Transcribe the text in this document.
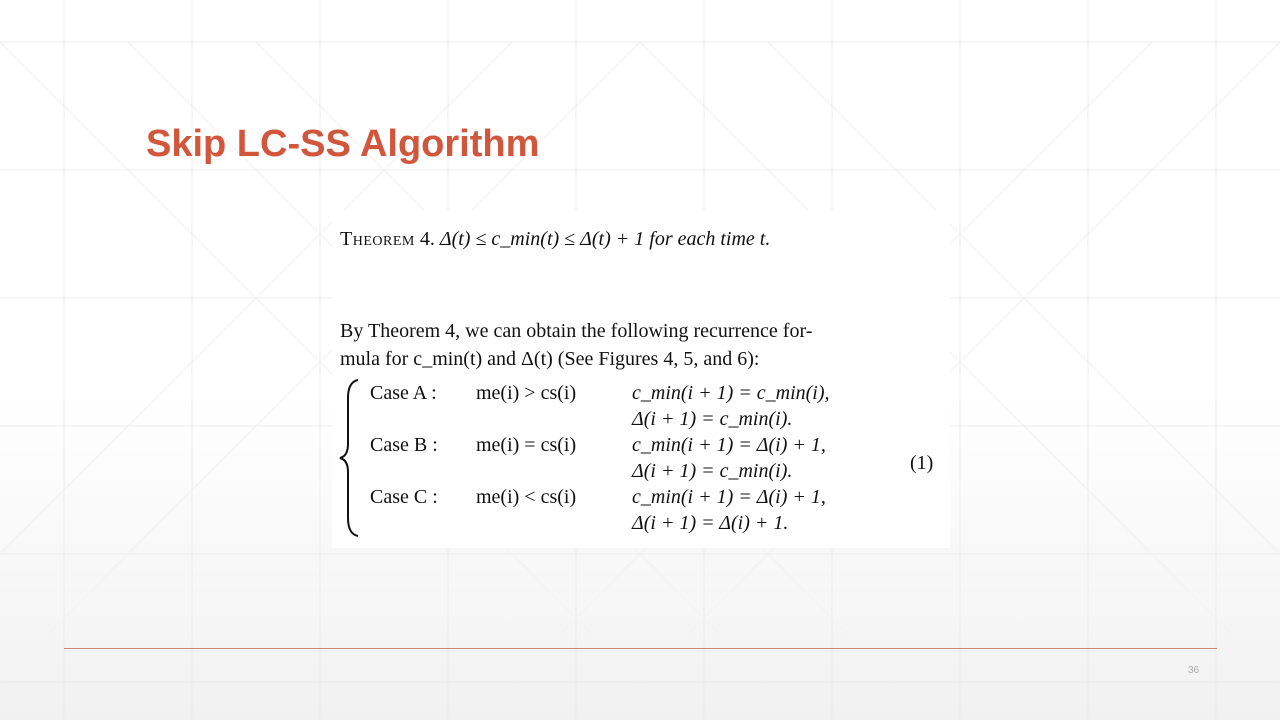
Skip LC-SS Algorithm
Theorem 4. Δ(t) ≤ c_min(t) ≤ Δ(t) + 1 for each time t.
By Theorem 4, we can obtain the following recurrence for-
mula for c_min(t) and Δ(t) (See Figures 4, 5, and 6):
Case A : me(i) > cs(i)	c_min(i + 1) = c_min(i),
Δ(i + 1) = c_min(i).
Case B : me(i) = cs(i)	c_min(i + 1) = Δ(i) + 1,
Δ(i + 1) = c_min(i).
Case C : me(i) < cs(i)	c_min(i + 1) = Δ(i) + 1,
Δ(i + 1) = Δ(i) + 1.
(1)
36
